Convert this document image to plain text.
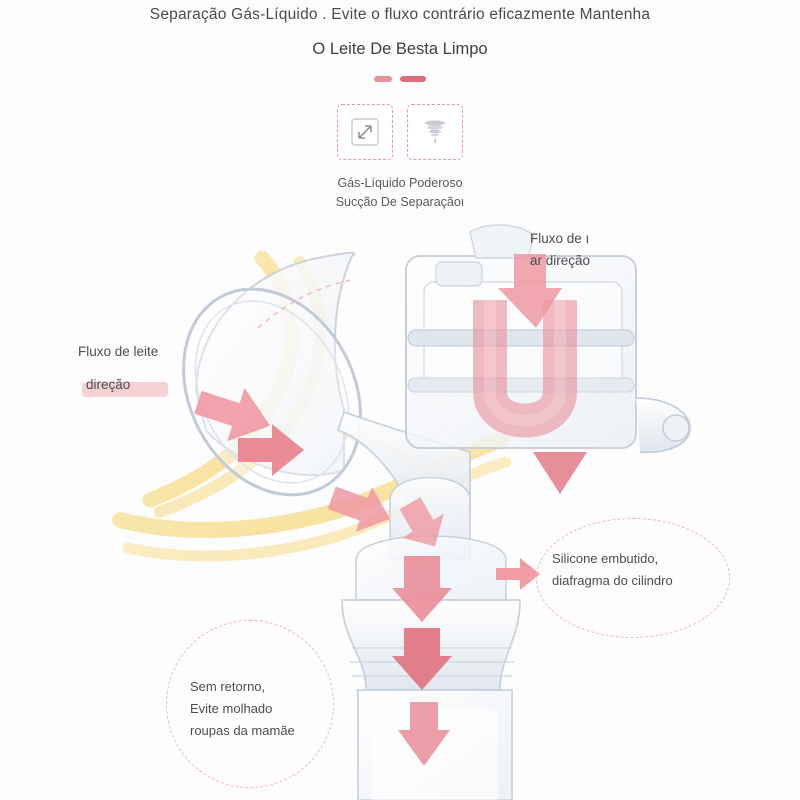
Separação Gás-Líquido . Evite o fluxo contrário eficazmente Mantenha
O Leite De Besta Limpo
Gás-Líquido Poderoso
Sucção De Separaçãoı
Fluxo de ı
ar direção
Fluxo de leite
direção
Silicone embutido,
diafragma do cilindro
Sem retorno,
Evite molhado
roupas da mamãe
